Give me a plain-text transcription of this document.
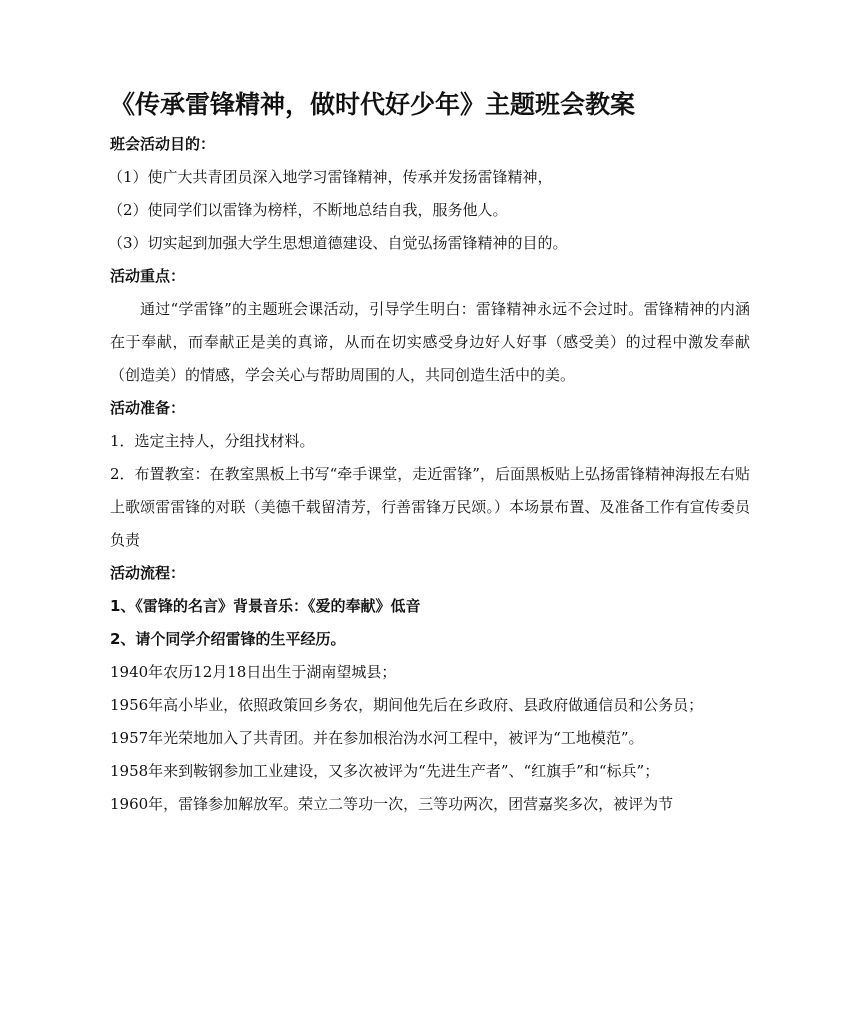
《传承雷锋精神，做时代好少年》主题班会教案
班会活动目的：
（1）使广大共青团员深入地学习雷锋精神，传承并发扬雷锋精神，
（2）使同学们以雷锋为榜样，不断地总结自我，服务他人。
（3）切实起到加强大学生思想道德建设、自觉弘扬雷锋精神的目的。
活动重点：
通过“学雷锋”的主题班会课活动，引导学生明白：雷锋精神永远不会过时。雷锋精神的内涵在于奉献，而奉献正是美的真谛，从而在切实感受身边好人好事（感受美）的过程中激发奉献（创造美）的情感，学会关心与帮助周围的人，共同创造生活中的美。
活动准备：
1．选定主持人，分组找材料。
2．布置教室：在教室黑板上书写“牵手课堂，走近雷锋”，后面黑板贴上弘扬雷锋精神海报左右贴上歌颂雷雷锋的对联（美德千载留清芳，行善雷锋万民颂。）本场景布置、及准备工作有宣传委员负责
活动流程：
1、《雷锋的名言》背景音乐：《爱的奉献》低音
2、请个同学介绍雷锋的生平经历。
1940年农历12月18日出生于湖南望城县；
1956年高小毕业，依照政策回乡务农，期间他先后在乡政府、县政府做通信员和公务员；
1957年光荣地加入了共青团。并在参加根治沩水河工程中，被评为“工地模范”。
1958年来到鞍钢参加工业建设，又多次被评为“先进生产者”、“红旗手”和“标兵”；
1960年，雷锋参加解放军。荣立二等功一次，三等功两次，团营嘉奖多次，被评为节
